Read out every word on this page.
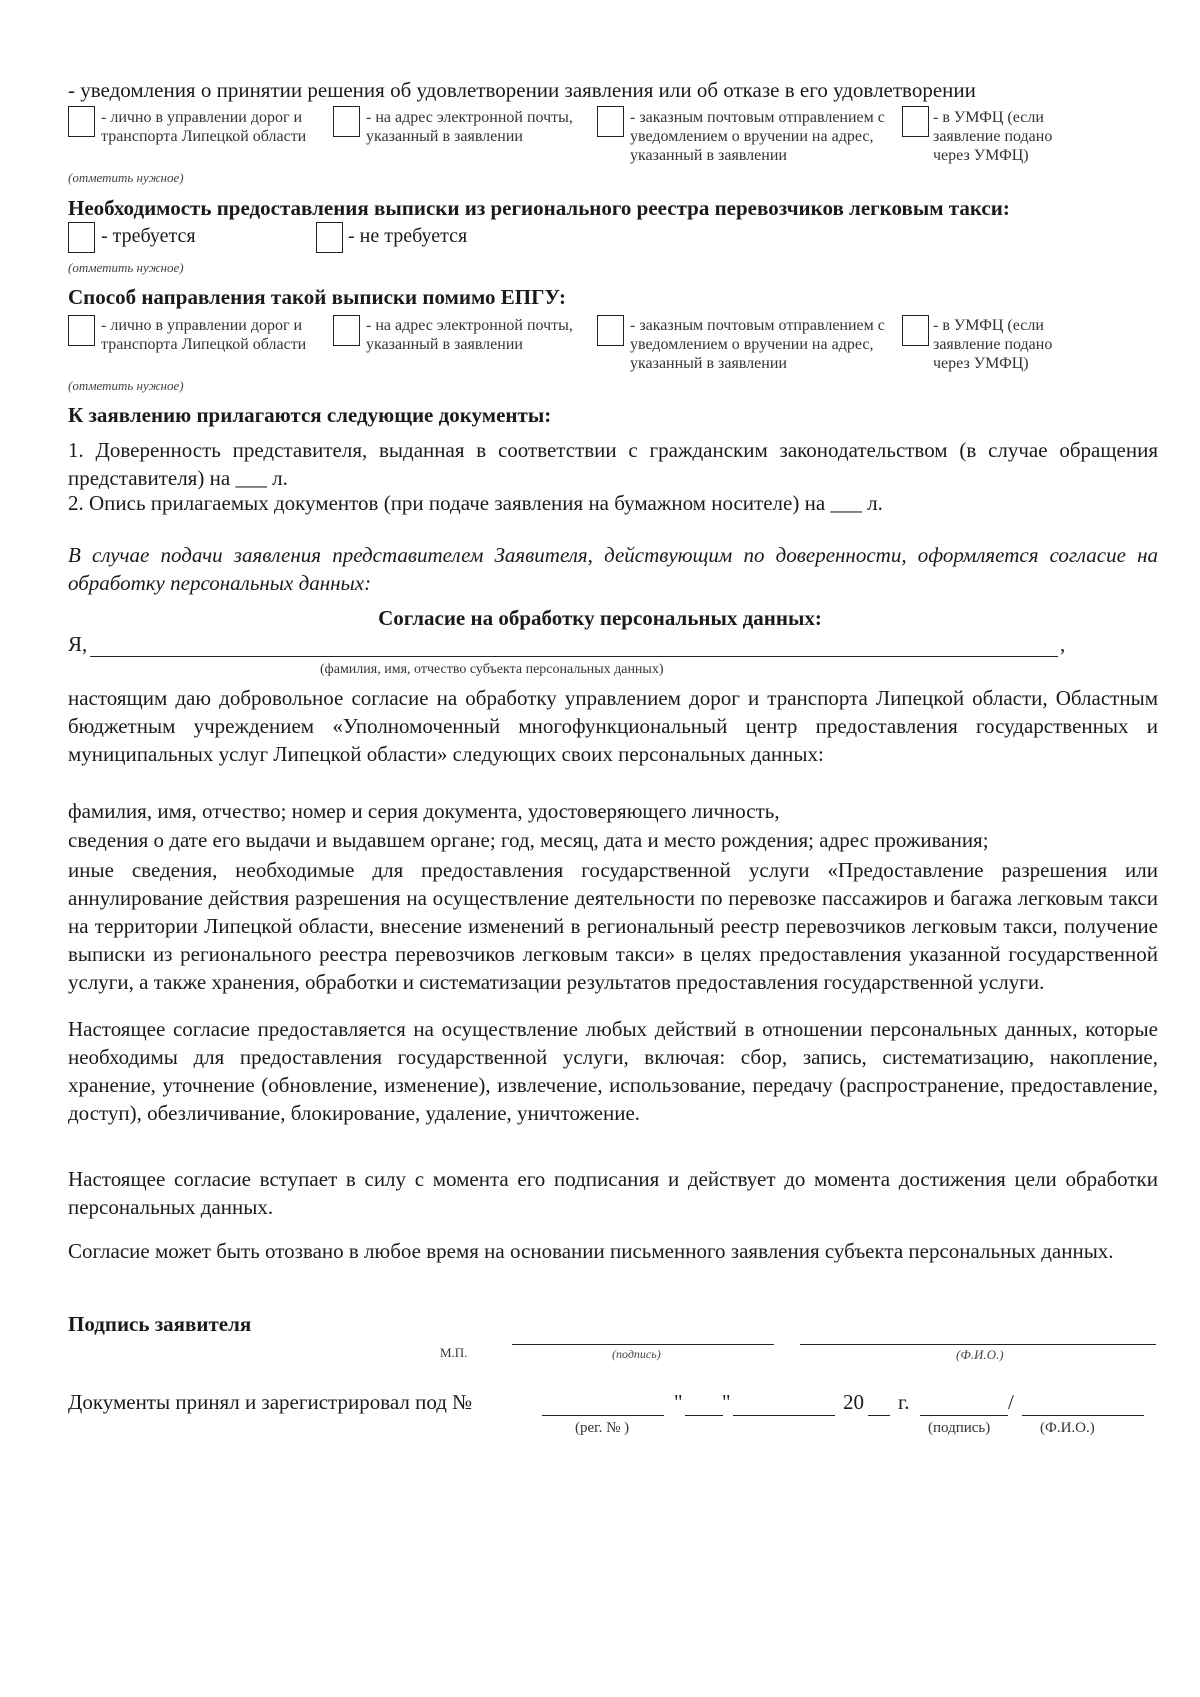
- уведомления о принятии решения об удовлетворении заявления или об отказе в его удовлетворении
- лично в управлении дорог и транспорта Липецкой области
- на адрес электронной почты, указанный в заявлении
- заказным почтовым отправлением с уведомлением о вручении на адрес, указанный в заявлении
- в УМФЦ (если заявление подано через УМФЦ)
(отметить нужное)
Необходимость предоставления выписки из регионального реестра перевозчиков легковым такси:
- требуется	- не требуется
(отметить нужное)
Способ направления такой выписки помимо ЕПГУ:
- лично в управлении дорог и транспорта Липецкой области
- на адрес электронной почты, указанный в заявлении
- заказным почтовым отправлением с уведомлением о вручении на адрес, указанный в заявлении
- в УМФЦ (если заявление подано через УМФЦ)
(отметить нужное)
К заявлению прилагаются следующие документы:
1. Доверенность представителя, выданная в соответствии с гражданским законодательством (в случае обращения представителя) на ___ л.
2. Опись прилагаемых документов (при подаче заявления на бумажном носителе) на ___ л.
В случае подачи заявления представителем Заявителя, действующим по доверенности, оформляется согласие на обработку персональных данных:
Согласие на обработку персональных данных:
Я,	,
(фамилия, имя, отчество субъекта персональных данных)
настоящим даю добровольное согласие на обработку управлением дорог и транспорта Липецкой области, Областным бюджетным учреждением «Уполномоченный многофункциональный центр предоставления государственных и муниципальных услуг Липецкой области» следующих своих персональных данных:
фамилия, имя, отчество; номер и серия документа, удостоверяющего личность,
сведения о дате его выдачи и выдавшем органе; год, месяц, дата и место рождения; адрес проживания;
иные сведения, необходимые для предоставления государственной услуги «Предоставление разрешения или аннулирование действия разрешения на осуществление деятельности по перевозке пассажиров и багажа легковым такси на территории Липецкой области, внесение изменений в региональный реестр перевозчиков легковым такси, получение выписки из регионального реестра перевозчиков легковым такси» в целях предоставления указанной государственной услуги, а также хранения, обработки и систематизации результатов предоставления государственной услуги.
Настоящее согласие предоставляется на осуществление любых действий в отношении персональных данных, которые необходимы для предоставления государственной услуги, включая: сбор, запись, систематизацию, накопление, хранение, уточнение (обновление, изменение), извлечение, использование, передачу (распространение, предоставление, доступ), обезличивание, блокирование, удаление, уничтожение.
Настоящее согласие вступает в силу с момента его подписания и действует до момента достижения цели обработки персональных данных.
Согласие может быть отозвано в любое время на основании письменного заявления субъекта персональных данных.
Подпись заявителя
М.П.	(подпись)	(Ф.И.О.)
Документы принял и зарегистрировал под №	" "	20 г.	/
(рег. № )	(подпись)	(Ф.И.О.)
